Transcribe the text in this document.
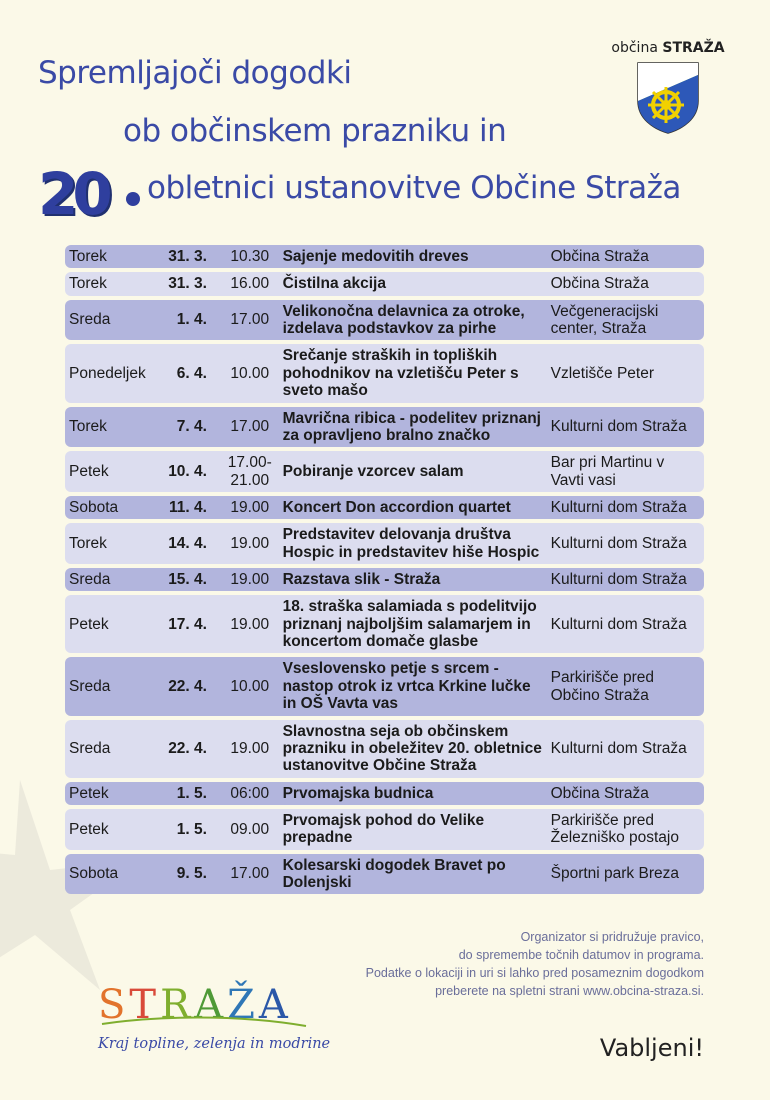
občina STRAŽA
Spremljajoči dogodki
ob občinskem prazniku in
20 obletnici ustanovitve Občine Straža
Torek	31. 3.	10.30	Sajenje medovitih dreves	Občina Straža
Torek	31. 3.	16.00	Čistilna akcija	Občina Straža
Sreda	1. 4.	17.00	Velikonočna delavnica za otroke, izdelava podstavkov za pirhe	Večgeneracijski center, Straža
Ponedeljek	6. 4.	10.00	Srečanje straških in topliških pohodnikov na vzletišču Peter s sveto mašo	Vzletišče Peter
Torek	7. 4.	17.00	Mavrična ribica - podelitev priznanj za opravljeno bralno značko	Kulturni dom Straža
Petek	10. 4.	17.00-21.00	Pobiranje vzorcev salam	Bar pri Martinu v Vavti vasi
Sobota	11. 4.	19.00	Koncert Don accordion quartet	Kulturni dom Straža
Torek	14. 4.	19.00	Predstavitev delovanja društva Hospic in predstavitev hiše Hospic	Kulturni dom Straža
Sreda	15. 4.	19.00	Razstava slik - Straža	Kulturni dom Straža
Petek	17. 4.	19.00	18. straška salamiada s podelitvijo priznanj najboljšim salamarjem in koncertom domače glasbe	Kulturni dom Straža
Sreda	22. 4.	10.00	Vseslovensko petje s srcem - nastop otrok iz vrtca Krkine lučke in OŠ Vavta vas	Parkirišče pred Občino Straža
Sreda	22. 4.	19.00	Slavnostna seja ob občinskem prazniku in obeležitev 20. obletnice ustanovitve Občine Straža	Kulturni dom Straža
Petek	1. 5.	06:00	Prvomajska budnica	Občina Straža
Petek	1. 5.	09.00	Prvomajsk pohod do Velike prepadne	Parkirišče pred Železniško postajo
Sobota	9. 5.	17.00	Kolesarski dogodek Bravet po Dolenjski	Športni park Breza
Organizator si pridružuje pravico,
do spremembe točnih datumov in programa.
Podatke o lokaciji in uri si lahko pred posameznim dogodkom
preberete na spletni strani www.obcina-straza.si.
STRAŽA
Kraj topline, zelenja in modrine	Vabljeni!
